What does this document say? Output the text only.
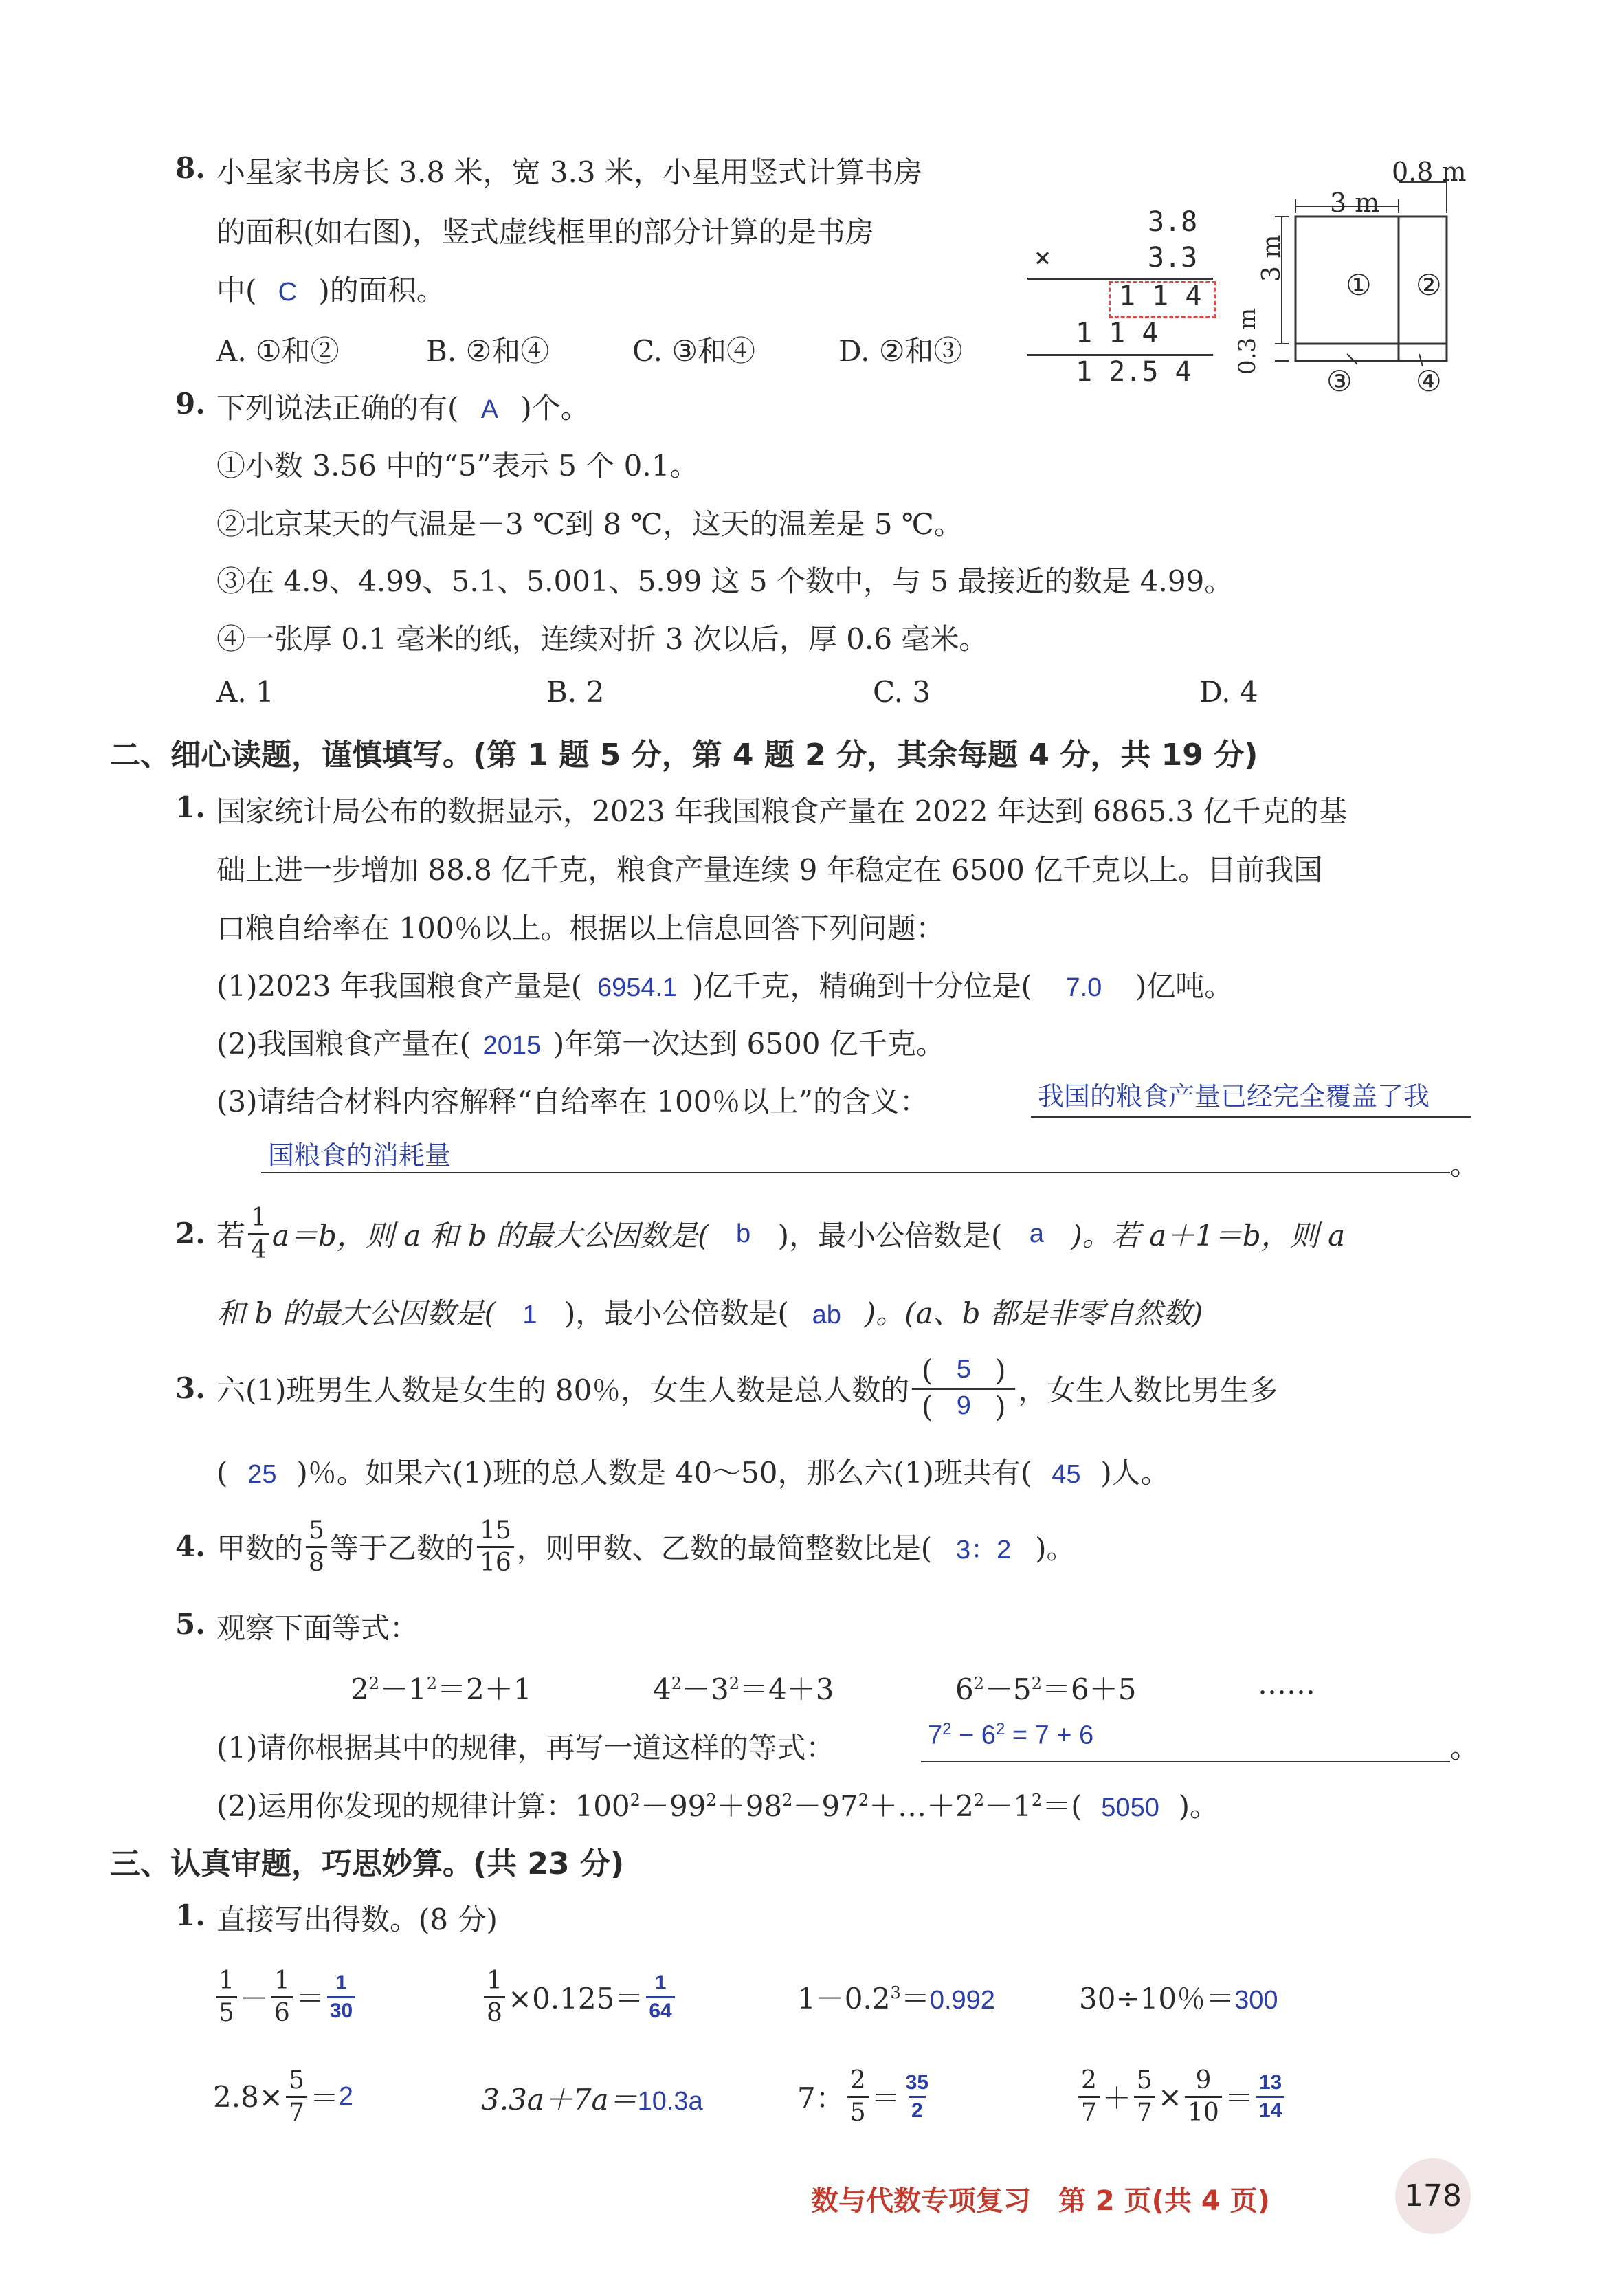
8. 小星家书房长 3.8 米，宽 3.3 米，小星用竖式计算书房
的面积(如右图)，竖式虚线框里的部分计算的是书房
中( C )的面积。
A. ①和②	B. ②和④	C. ③和④	D. ②和③
3.8
×	3.3
1 1 4
1 1 4
1 2.5 4
0.8 m
3 m
3 m
0.3 m
① ②
③ ④
9. 下列说法正确的有( A )个。
①小数 3.56 中的“5”表示 5 个 0.1。
②北京某天的气温是－3 ℃到 8 ℃，这天的温差是 5 ℃。
③在 4.9、4.99、5.1、5.001、5.99 这 5 个数中，与 5 最接近的数是 4.99。
④一张厚 0.1 毫米的纸，连续对折 3 次以后，厚 0.6 毫米。
A. 1	B. 2	C. 3	D. 4
二、细心读题，谨慎填写。(第 1 题 5 分，第 4 题 2 分，其余每题 4 分，共 19 分)
1. 国家统计局公布的数据显示，2023 年我国粮食产量在 2022 年达到 6865.3 亿千克的基
础上进一步增加 88.8 亿千克，粮食产量连续 9 年稳定在 6500 亿千克以上。目前我国
口粮自给率在 100％以上。根据以上信息回答下列问题：
(1)2023 年我国粮食产量是( 6954.1 )亿千克，精确到十分位是( 7.0 )亿吨。
(2)我国粮食产量在( 2015 )年第一次达到 6500 亿千克。
(3)请结合材料内容解释“自给率在 100％以上”的含义：	我国的粮食产量已经完全覆盖了我
国粮食的消耗量	。
2. 若 $\frac{1}{4} a=b$，则 a 和 b 的最大公因数是(	b )，最小公倍数是(	a )。若 a＋1＝b，则 a
和 b 的最大公因数是( 1 )，最小公倍数是( ab )。(a、b 都是非零自然数)
3. 六(1)班男生人数是女生的 80％，女生人数是总人数的
( 5 )
( 9 ) ，女生人数比男生多
( 25 )％。如果六(1)班的总人数是 40～50，那么六(1)班共有( 45 )人。
4. 甲数的 $\frac{5}{8}$ 等于乙数的 $\frac{15}{16}$ ，则甲数、乙数的最简整数比是( 3：2 )。
5. 观察下面等式：
$2^2-1^2=2+1$	$4^2-3^2=4+3$	$6^2-5^2=6+5$	……
(1)请你根据其中的规律，再写一道这样的等式：	$7^2 - 6^2 = 7 + 6$	。
(2)运用你发现的规律计算：$100^2-99^2+98^2-97^2+\dots+2^2-1^2=$( 5050 )。
三、认真审题，巧思妙算。(共 23 分)
1. 直接写出得数。(8 分)
$\frac{1}{5} - \frac{1}{6} = \frac{1}{30}$	$\frac{1}{8} \times 0.125= \frac{1}{64}$	$1-0.2^3=0.992$	30÷10％＝300
$2.8\times \frac{5}{7} = 2$	3.3a＋7a＝10.3a	7： $\frac{2}{5} = \frac{35}{2}$	$\frac{2}{7} + \frac{5}{7} \times \frac{9}{10} = \frac{13}{14}$
数与代数专项复习　第 2 页(共 4 页)	178
